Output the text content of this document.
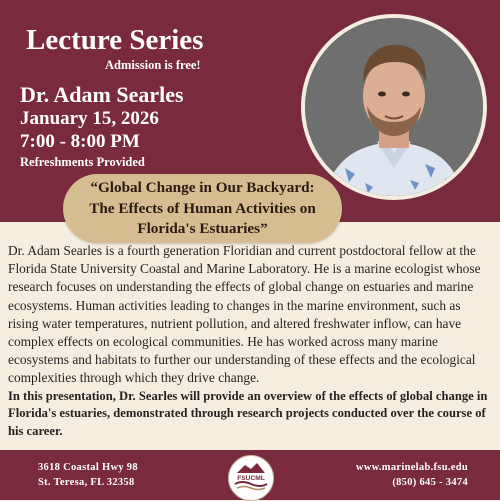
Lecture Series
Admission is free!
Dr. Adam Searles
January 15, 2026
7:00 - 8:00 PM
Refreshments Provided
“Global Change in Our Backyard:
The Effects of Human Activities on
Florida's Estuaries”
Dr. Adam Searles is a fourth generation Floridian and current postdoctoral fellow at the Florida State University Coastal and Marine Laboratory. He is a marine ecologist whose research focuses on understanding the effects of global change on estuaries and marine ecosystems. Human activities leading to changes in the marine environment, such as rising water temperatures, nutrient pollution, and altered freshwater inflow, can have complex effects on ecological communities. He has worked across many marine ecosystems and habitats to further our understanding of these effects and the ecological complexities through which they drive change.
In this presentation, Dr. Searles will provide an overview of the effects of global change in Florida's estuaries, demonstrated through research projects conducted over the course of his career.
3618 Coastal Hwy 98
St. Teresa, FL 32358	FSUCML
www.marinelab.fsu.edu
(850) 645 - 3474
